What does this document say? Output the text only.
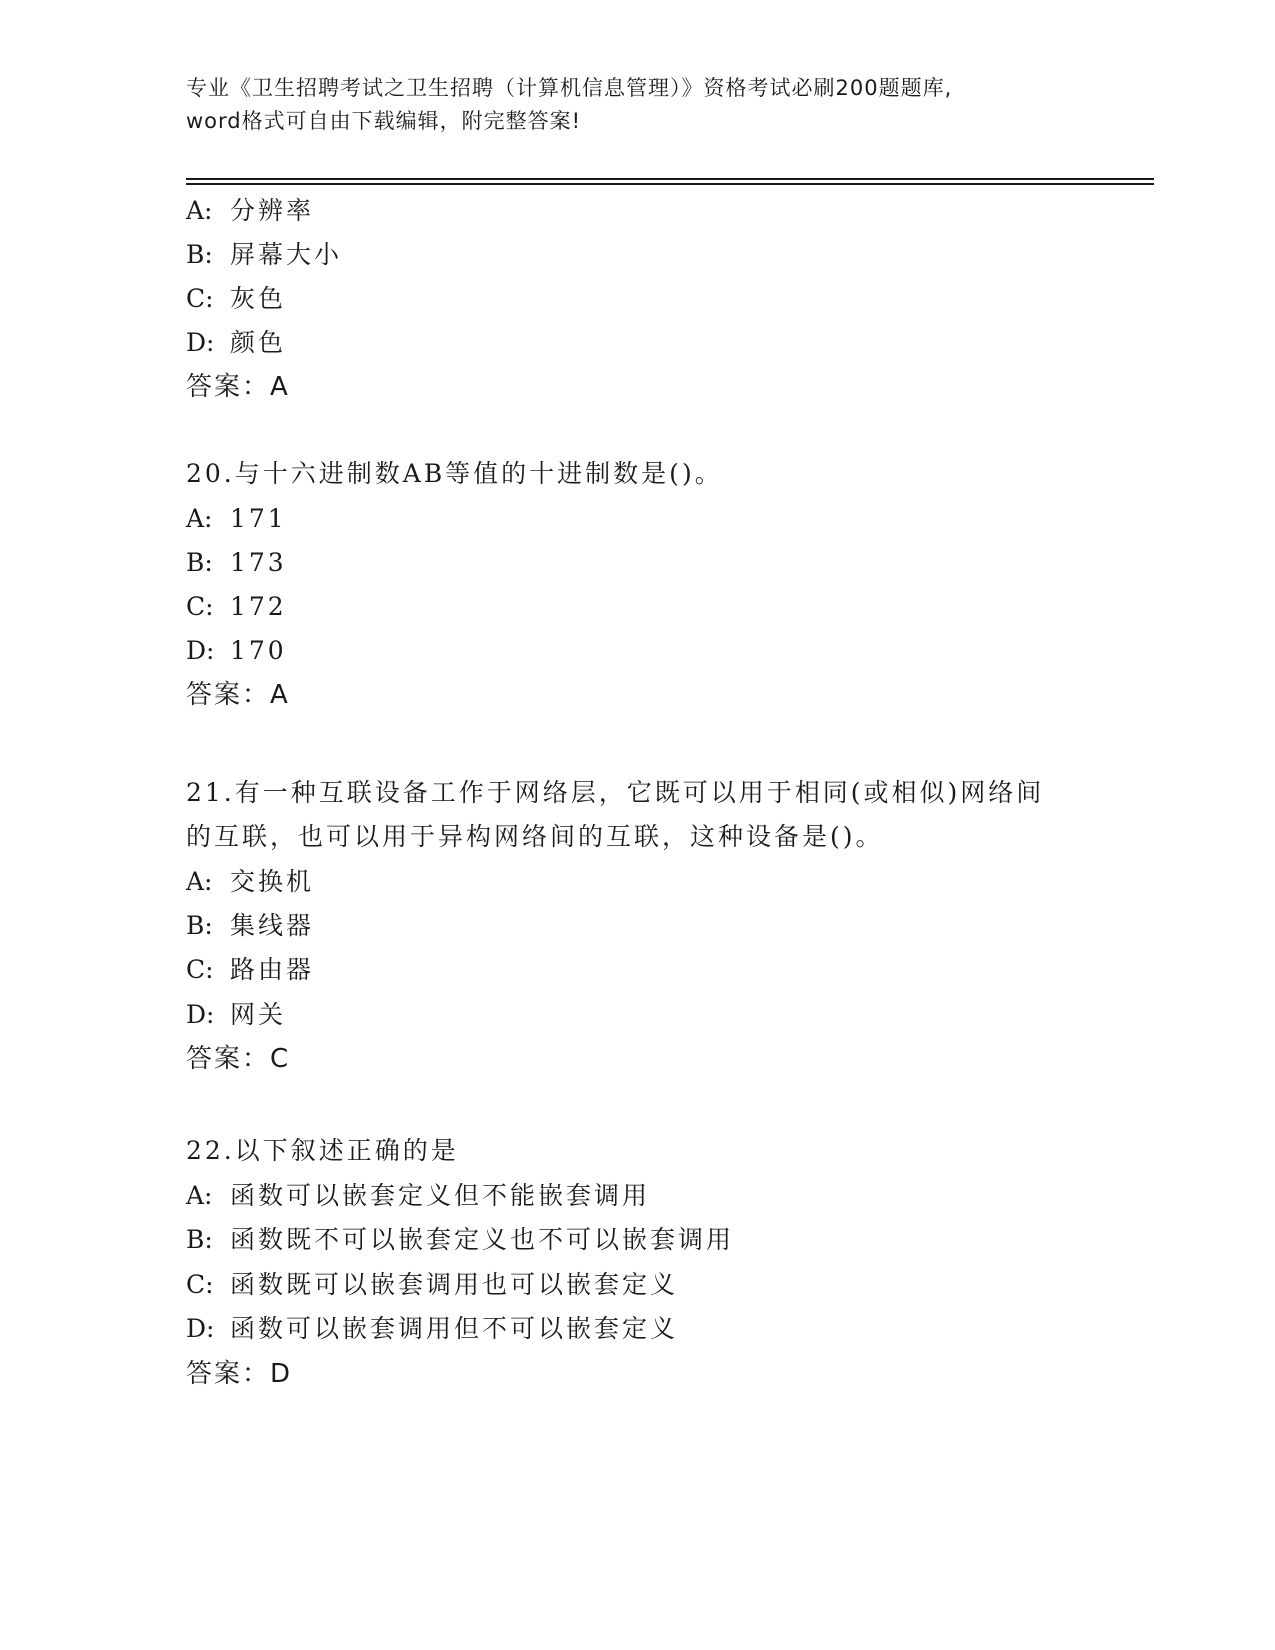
专业《卫生招聘考试之卫生招聘（计算机信息管理）》资格考试必刷200题题库,
word格式可自由下载编辑，附完整答案!
A: 分辨率
B: 屏幕大小
C: 灰色
D: 颜色
答案：A
20.与十六进制数AB等值的十进制数是()。
A: 171
B: 173
C: 172
D: 170
答案：A
21.有一种互联设备工作于网络层，它既可以用于相同(或相似)网络间
的互联，也可以用于异构网络间的互联，这种设备是()。
A: 交换机
B: 集线器
C: 路由器
D: 网关
答案：C
22.以下叙述正确的是
A: 函数可以嵌套定义但不能嵌套调用
B: 函数既不可以嵌套定义也不可以嵌套调用
C: 函数既可以嵌套调用也可以嵌套定义
D: 函数可以嵌套调用但不可以嵌套定义
答案：D
